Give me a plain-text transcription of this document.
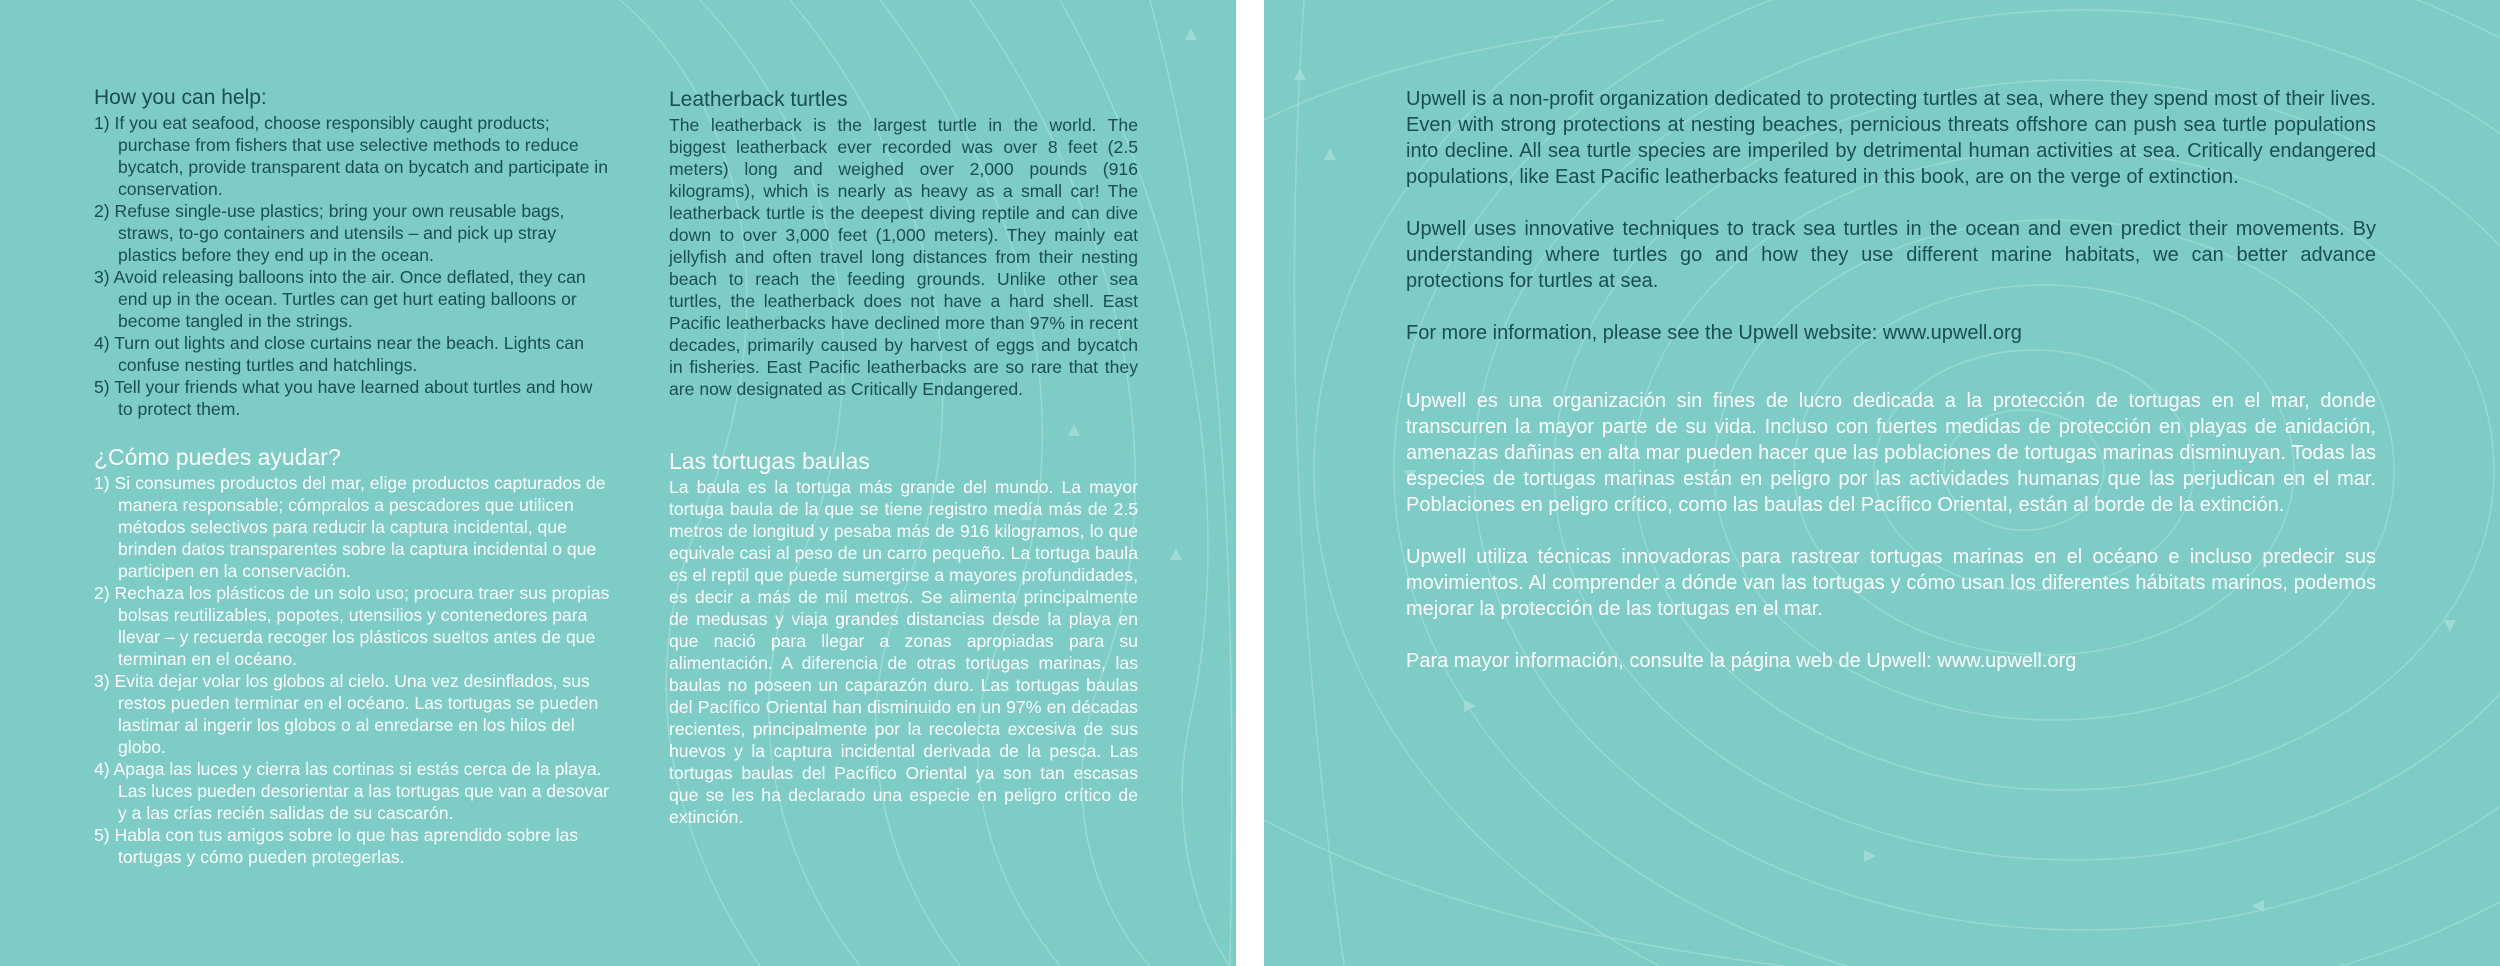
How you can help:
1) If you eat seafood, choose responsibly caught products; purchase from fishers that use selective methods to reduce bycatch, provide transparent data on bycatch and participate in conservation.
2) Refuse single-use plastics; bring your own reusable bags, straws, to-go containers and utensils – and pick up stray plastics before they end up in the ocean.
3) Avoid releasing balloons into the air. Once deflated, they can end up in the ocean. Turtles can get hurt eating balloons or become tangled in the strings.
4) Turn out lights and close curtains near the beach. Lights can confuse nesting turtles and hatchlings.
5) Tell your friends what you have learned about turtles and how to protect them.
¿Cómo puedes ayudar?
1) Si consumes productos del mar, elige productos capturados de manera responsable; cómpralos a pescadores que utilicen métodos selectivos para reducir la captura incidental, que brinden datos transparentes sobre la captura incidental o que participen en la conservación.
2) Rechaza los plásticos de un solo uso; procura traer sus propias bolsas reutilizables, popotes, utensilios y contenedores para llevar – y recuerda recoger los plásticos sueltos antes de que terminan en el océano.
3) Evita dejar volar los globos al cielo. Una vez desinflados, sus restos pueden terminar en el océano. Las tortugas se pueden lastimar al ingerir los globos o al enredarse en los hilos del globo.
4) Apaga las luces y cierra las cortinas si estás cerca de la playa. Las luces pueden desorientar a las tortugas que van a desovar y a las crías recién salidas de su cascarón.
5) Habla con tus amigos sobre lo que has aprendido sobre las tortugas y cómo pueden protegerlas.
Leatherback turtles

The leatherback is the largest turtle in the world. The biggest leatherback ever recorded was over 8 feet (2.5 meters) long and weighed over 2,000 pounds (916 kilograms), which is nearly as heavy as a small car! The leatherback turtle is the deepest diving reptile and can dive down to over 3,000 feet (1,000 meters). They mainly eat jellyfish and often travel long distances from their nesting beach to reach the feeding grounds. Unlike other sea turtles, the leatherback does not have a hard shell. East Pacific leatherbacks have declined more than 97% in recent decades, primarily caused by harvest of eggs and bycatch in fisheries. East Pacific leatherbacks are so rare that they are now designated as Critically Endangered.

Las tortugas baulas

La baula es la tortuga más grande del mundo. La mayor tortuga baula de la que se tiene registro medía más de 2.5 metros de longitud y pesaba más de 916 kilogramos, lo que equivale casi al peso de un carro pequeño. La tortuga baula es el reptil que puede sumergirse a mayores profundidades, es decir a más de mil metros. Se alimenta principalmente de medusas y viaja grandes distancias desde la playa en que nació para llegar a zonas apropiadas para su alimentación. A diferencia de otras tortugas marinas, las baulas no poseen un caparazón duro. Las tortugas baulas del Pacífico Oriental han disminuido en un 97% en décadas recientes, principalmente por la recolecta excesiva de sus huevos y la captura incidental derivada de la pesca. Las tortugas baulas del Pacífico Oriental ya son tan escasas que se les ha declarado una especie en peligro crítico de extinción.

Upwell is a non-profit organization dedicated to protecting turtles at sea, where they spend most of their lives. Even with strong protections at nesting beaches, pernicious threats offshore can push sea turtle populations into decline. All sea turtle species are imperiled by detrimental human activities at sea. Critically endangered populations, like East Pacific leatherbacks featured in this book, are on the verge of extinction.

Upwell uses innovative techniques to track sea turtles in the ocean and even predict their movements. By understanding where turtles go and how they use different marine habitats, we can better advance protections for turtles at sea.

For more information, please see the Upwell website: www.upwell.org

Upwell es una organización sin fines de lucro dedicada a la protección de tortugas en el mar, donde transcurren la mayor parte de su vida. Incluso con fuertes medidas de protección en playas de anidación, amenazas dañinas en alta mar pueden hacer que las poblaciones de tortugas marinas disminuyan. Todas las especies de tortugas marinas están en peligro por las actividades humanas que las perjudican en el mar. Poblaciones en peligro crítico, como las baulas del Pacífico Oriental, están al borde de la extinción.

Upwell utiliza técnicas innovadoras para rastrear tortugas marinas en el océano e incluso predecir sus movimientos. Al comprender a dónde van las tortugas y cómo usan los diferentes hábitats marinos, podemos mejorar la protección de las tortugas en el mar.

Para mayor información, consulte la página web de Upwell: www.upwell.org
